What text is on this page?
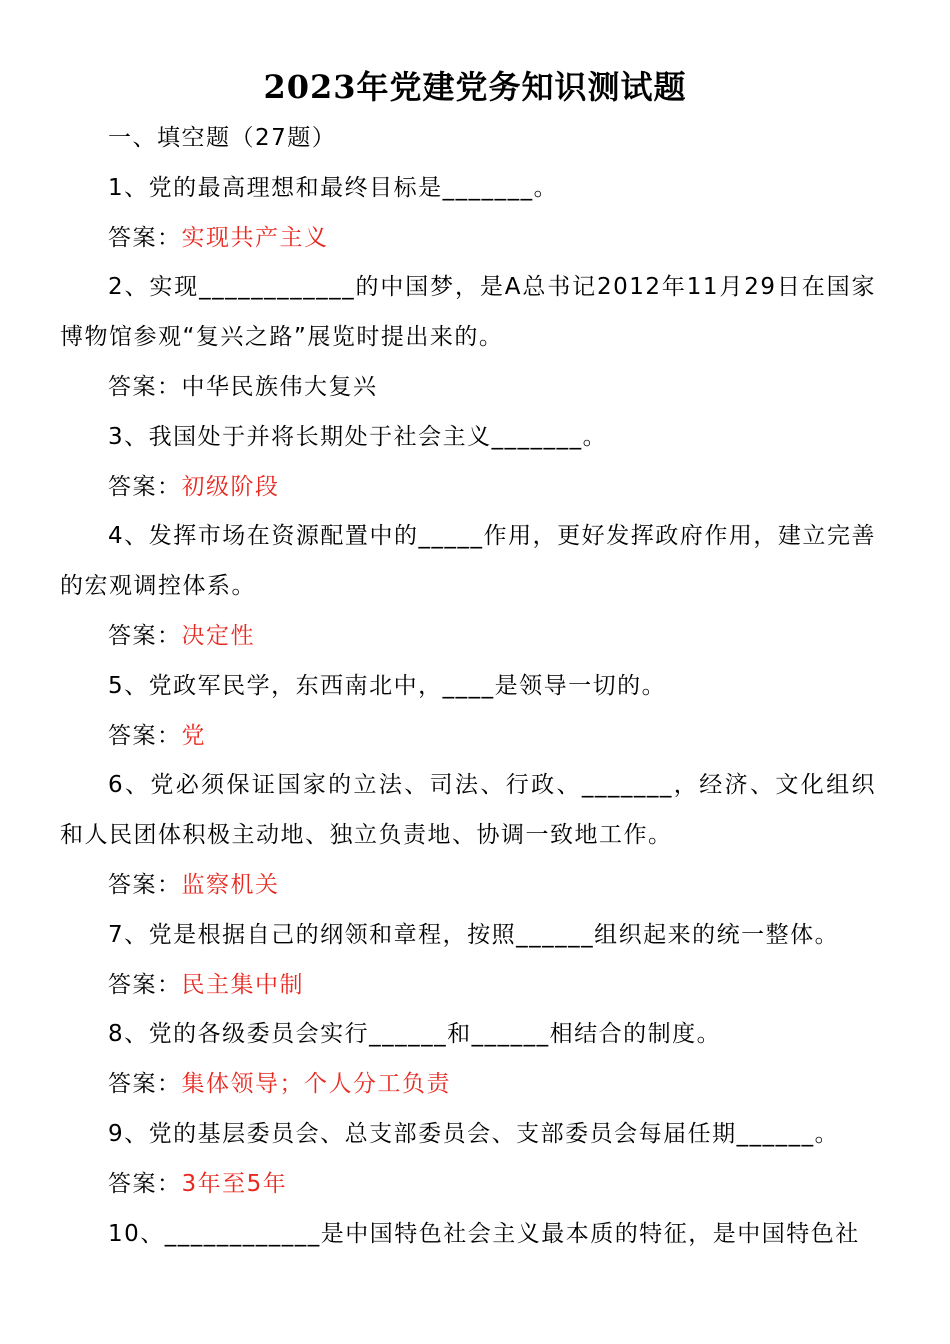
2023年党建党务知识测试题

一、填空题（27题）

1、党的最高理想和最终目标是_______。

答案：实现共产主义

2、实现____________的中国梦，是A总书记2012年11月29日在国家博物馆参观“复兴之路”展览时提出来的。

答案：中华民族伟大复兴

3、我国处于并将长期处于社会主义_______。

答案：初级阶段

4、发挥市场在资源配置中的_____作用，更好发挥政府作用，建立完善的宏观调控体系。

答案：决定性

5、党政军民学，东西南北中，____是领导一切的。

答案：党

6、党必须保证国家的立法、司法、行政、_______，经济、文化组织和人民团体积极主动地、独立负责地、协调一致地工作。

答案：监察机关

7、党是根据自己的纲领和章程，按照______组织起来的统一整体。

答案：民主集中制

8、党的各级委员会实行______和______相结合的制度。

答案：集体领导；个人分工负责

9、党的基层委员会、总支部委员会、支部委员会每届任期______。

答案：3年至5年

10、____________是中国特色社会主义最本质的特征，是中国特色社
